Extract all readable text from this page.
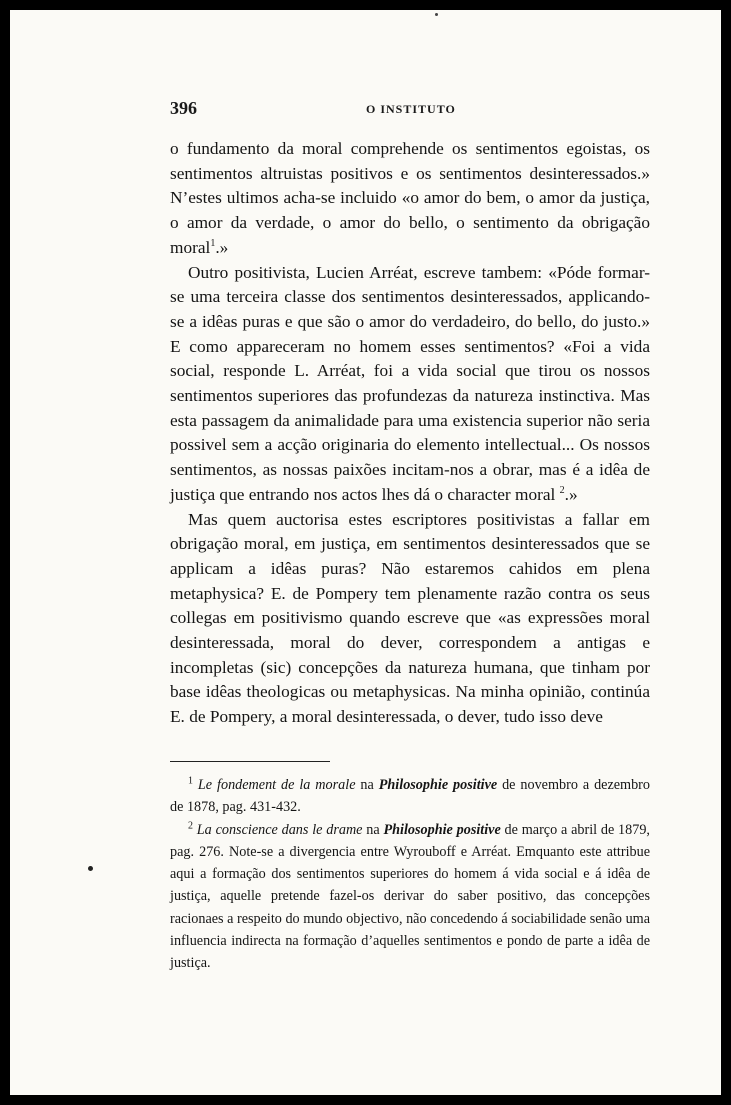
396	O INSTITUTO

o fundamento da moral comprehende os sentimentos egoistas, os sentimentos altruistas positivos e os sentimentos desinteressados.» N’estes ultimos acha-se incluido «o amor do bem, o amor da justiça, o amor da verdade, o amor do bello, o sentimento da obrigação moral$^1$.»

Outro positivista, Lucien Arréat, escreve tambem: «Póde formar-se uma terceira classe dos sentimentos desinteressados, applicando-se a idêas puras e que são o amor do verdadeiro, do bello, do justo.» E como appareceram no homem esses sentimentos? «Foi a vida social, responde L. Arréat, foi a vida social que tirou os nossos sentimentos superiores das profundezas da natureza instinctiva. Mas esta passagem da animalidade para uma existencia superior não seria possivel sem a acção originaria do elemento intellectual... Os nossos sentimentos, as nossas paixões incitam-nos a obrar, mas é a idêa de justiça que entrando nos actos lhes dá o character moral $^2$.»

Mas quem auctorisa estes escriptores positivistas a fallar em obrigação moral, em justiça, em sentimentos desinteressados que se applicam a idêas puras? Não estaremos cahidos em plena metaphysica? E. de Pompery tem plenamente razão contra os seus collegas em positivismo quando escreve que «as expressões moral desinteressada, moral do dever, correspondem a antigas e incompletas (sic) concepções da natureza humana, que tinham por base idêas theologicas ou metaphysicas. Na minha opinião, continúa E. de Pompery, a moral desinteressada, o dever, tudo isso deve

$^1$ Le fondement de la morale na Philosophie positive de novembro a dezembro de 1878, pag. 431-432.

$^2$ La conscience dans le drame na Philosophie positive de março a abril de 1879, pag. 276. Note-se a divergencia entre Wyrouboff e Arréat. Emquanto este attribue aqui a formação dos sentimentos superiores do homem á vida social e á idêa de justiça, aquelle pretende fazel-os derivar do saber positivo, das concepções racionaes a respeito do mundo objectivo, não concedendo á sociabilidade senão uma influencia indirecta na formação d’aquelles sentimentos e pondo de parte a idêa de justiça.
